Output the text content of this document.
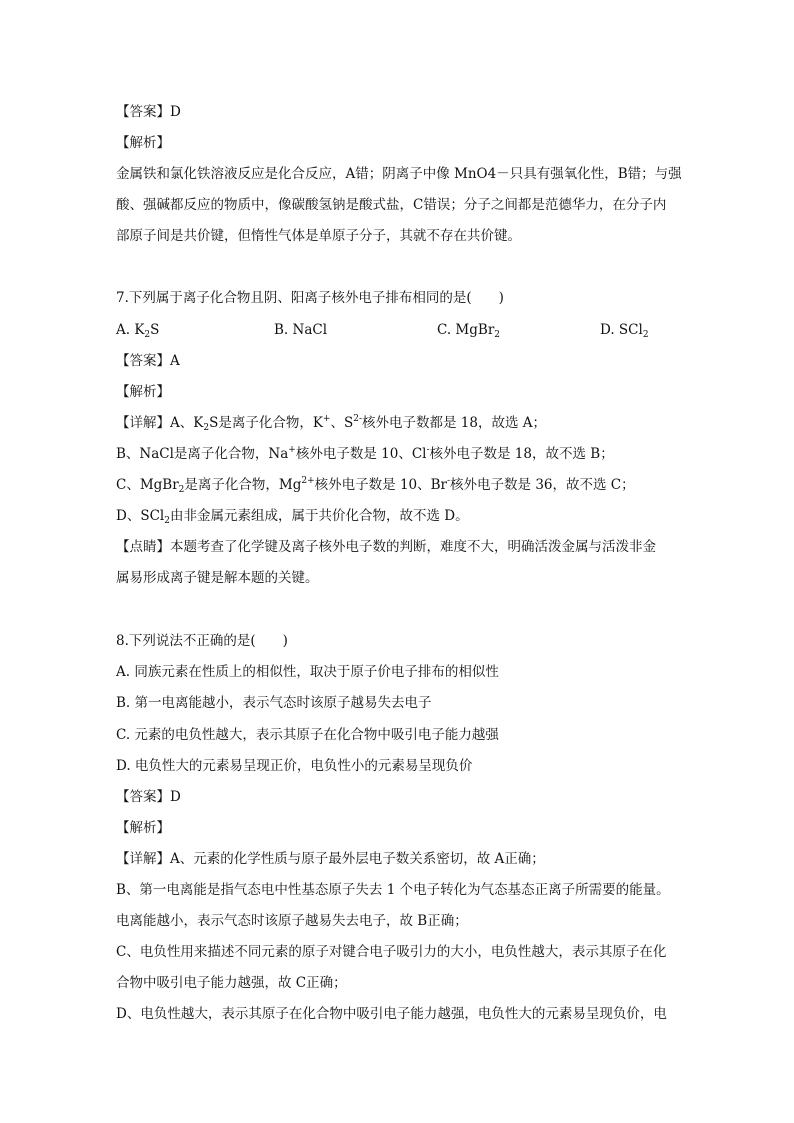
【答案】D
【解析】
金属铁和氯化铁溶液反应是化合反应，A错；阴离子中像 MnO4－只具有强氧化性，B错；与强
酸、强碱都反应的物质中，像碳酸氢钠是酸式盐，C错误；分子之间都是范德华力，在分子内
部原子间是共价键，但惰性气体是单原子分子，其就不存在共价键。
7.下列属于离子化合物且阴、阳离子核外电子排布相同的是(　　)
A. $K_2S$	B. NaCl	C. MgBr$_2$	D. SCl$_2$
【答案】A
【解析】
【详解】A、$K_2S$是离子化合物，K+、$S^{2-}$核外电子数都是 18，故选 A；
B、NaCl是离子化合物，Na+核外电子数是 10、Cl-核外电子数是 18，故不选 B；
C、MgBr$_2$是离子化合物，$Mg^{2+}$核外电子数是 10、Br-核外电子数是 36，故不选 C；
D、SCl$_2$由非金属元素组成，属于共价化合物，故不选 D。
【点睛】本题考查了化学键及离子核外电子数的判断，难度不大，明确活泼金属与活泼非金
属易形成离子键是解本题的关键。
8.下列说法不正确的是(　　)
A. 同族元素在性质上的相似性，取决于原子价电子排布的相似性
B. 第一电离能越小，表示气态时该原子越易失去电子
C. 元素的电负性越大，表示其原子在化合物中吸引电子能力越强
D. 电负性大的元素易呈现正价，电负性小的元素易呈现负价
【答案】D
【解析】
【详解】A、元素的化学性质与原子最外层电子数关系密切，故 A正确；
B、第一电离能是指气态电中性基态原子失去 1 个电子转化为气态基态正离子所需要的能量。
电离能越小，表示气态时该原子越易失去电子，故 B正确；
C、电负性用来描述不同元素的原子对键合电子吸引力的大小，电负性越大，表示其原子在化
合物中吸引电子能力越强，故 C正确；
D、电负性越大，表示其原子在化合物中吸引电子能力越强，电负性大的元素易呈现负价，电
